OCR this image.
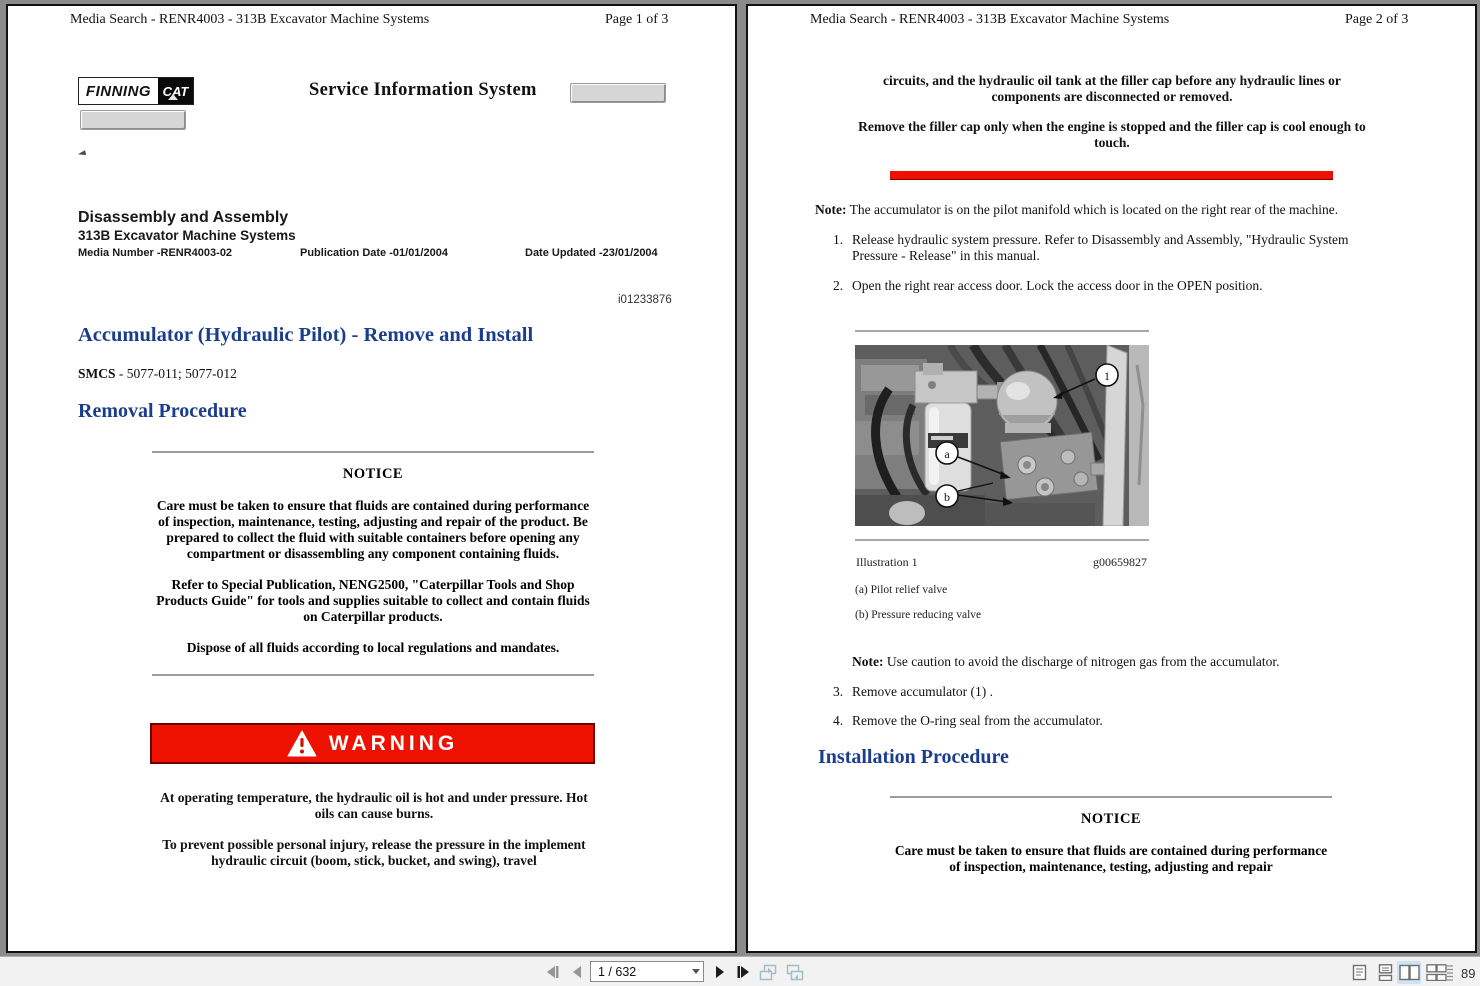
Media Search - RENR4003 - 313B Excavator Machine Systems	Page 1 of 3
FINNING CAT	Service Information System
◄
Disassembly and Assembly
313B Excavator Machine Systems
Media Number -RENR4003-02	Publication Date -01/01/2004	Date Updated -23/01/2004
i01233876
Accumulator (Hydraulic Pilot) - Remove and Install
SMCS - 5077-011; 5077-012
Removal Procedure
NOTICE

Care must be taken to ensure that fluids are contained during performance of inspection, maintenance, testing, adjusting and repair of the product. Be prepared to collect the fluid with suitable containers before opening any compartment or disassembling any component containing fluids.

Refer to Special Publication, NENG2500, "Caterpillar Tools and Shop Products Guide" for tools and supplies suitable to collect and contain fluids on Caterpillar products.

Dispose of all fluids according to local regulations and mandates.

WARNING

At operating temperature, the hydraulic oil is hot and under pressure. Hot oils can cause burns.

To prevent possible personal injury, release the pressure in the implement hydraulic circuit (boom, stick, bucket, and swing), travel

Media Search - RENR4003 - 313B Excavator Machine Systems	Page 2 of 3

circuits, and the hydraulic oil tank at the filler cap before any hydraulic lines or components are disconnected or removed.

Remove the filler cap only when the engine is stopped and the filler cap is cool enough to touch.

Note: The accumulator is on the pilot manifold which is located on the right rear of the machine.

1. Release hydraulic system pressure. Refer to Disassembly and Assembly, "Hydraulic System Pressure - Release" in this manual.
2. Open the right rear access door. Lock the access door in the OPEN position.
1
a
b
Illustration 1	g00659827
(a) Pilot relief valve
(b) Pressure reducing valve

Note: Use caution to avoid the discharge of nitrogen gas from the accumulator.

3. Remove accumulator (1) .
4. Remove the O-ring seal from the accumulator.
Installation Procedure
NOTICE

Care must be taken to ensure that fluids are contained during performance of inspection, maintenance, testing, adjusting and repair

1 / 632
89
